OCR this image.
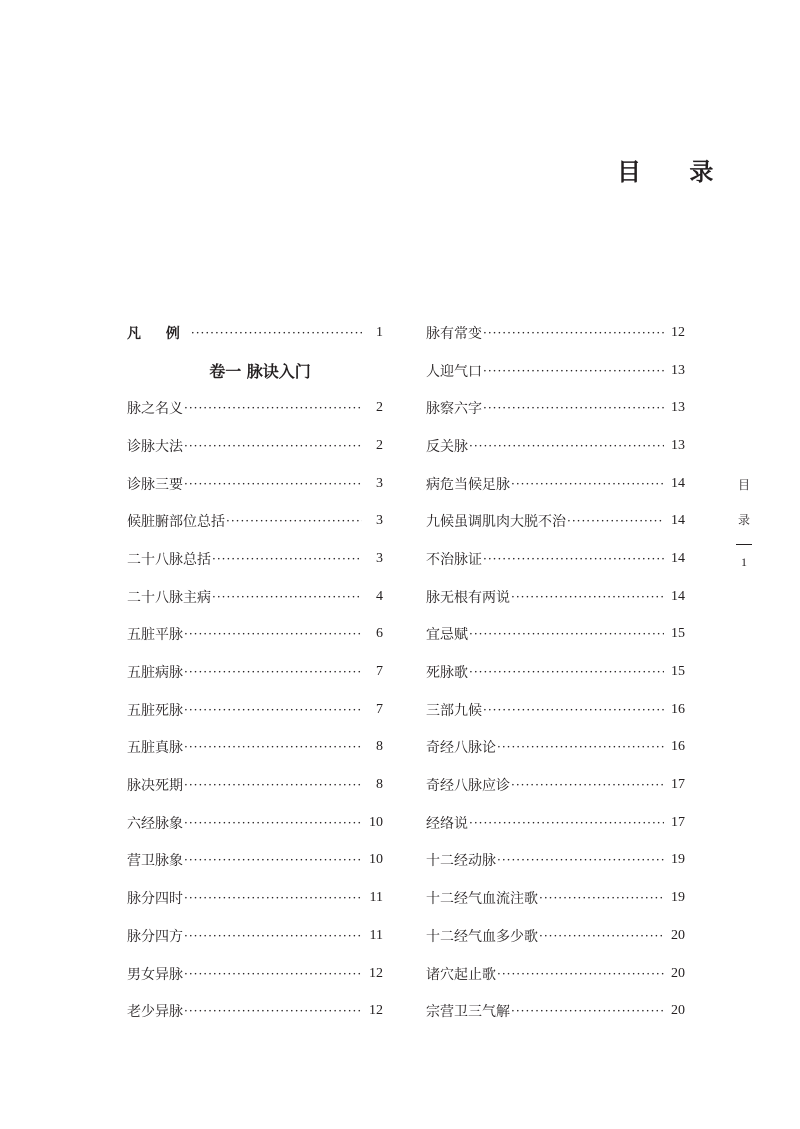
目 录
凡 例 ·····	1
卷一 脉诀入门
脉之名义 ·····	2
诊脉大法 ·····	2
诊脉三要 ·····	3
候脏腑部位总括 ·····	3
二十八脉总括 ·····	3
二十八脉主病 ·····	4
五脏平脉 ·····	6
五脏病脉 ·····	7
五脏死脉 ·····	7
五脏真脉 ·····	8
脉决死期 ·····	8
六经脉象 ·····	10
营卫脉象 ·····	10
脉分四时 ·····	11
脉分四方 ·····	11
男女异脉 ·····	12
老少异脉 ·····	12
脉有常变 ·····	12
人迎气口 ·····	13
脉察六字 ·····	13
反关脉 ·····	13
病危当候足脉 ·····	14
九候虽调肌肉大脱不治 ·····	14
不治脉证 ·····	14
脉无根有两说 ·····	14
宜忌赋 ·····	15
死脉歌 ·····	15
三部九候 ·····	16
奇经八脉论 ·····	16
奇经八脉应诊 ·····	17
经络说 ·····	17
十二经动脉 ·····	19
十二经气血流注歌 ·····	19
十二经气血多少歌 ·····	20
诸穴起止歌 ·····	20
宗营卫三气解 ·····	20
目
录
1
